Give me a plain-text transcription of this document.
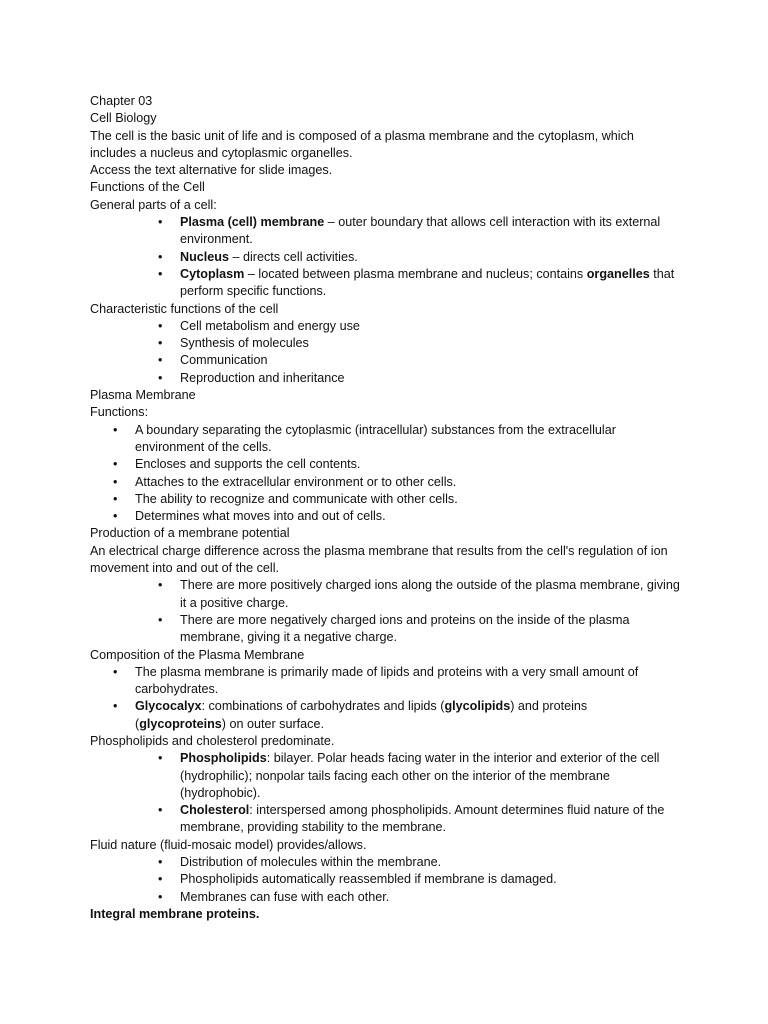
Chapter 03

Cell Biology

The cell is the basic unit of life and is composed of a plasma membrane and the cytoplasm, which includes a nucleus and cytoplasmic organelles.

Access the text alternative for slide images.

Functions of the Cell

General parts of a cell:

• Plasma (cell) membrane – outer boundary that allows cell interaction with its external environment.
• Nucleus – directs cell activities.
• Cytoplasm – located between plasma membrane and nucleus; contains organelles that perform specific functions.

Characteristic functions of the cell

• Cell metabolism and energy use
• Synthesis of molecules
• Communication
• Reproduction and inheritance

Plasma Membrane

Functions:

• A boundary separating the cytoplasmic (intracellular) substances from the extracellular environment of the cells.
• Encloses and supports the cell contents.
• Attaches to the extracellular environment or to other cells.
• The ability to recognize and communicate with other cells.
• Determines what moves into and out of cells.

Production of a membrane potential

An electrical charge difference across the plasma membrane that results from the cell's regulation of ion movement into and out of the cell.

• There are more positively charged ions along the outside of the plasma membrane, giving it a positive charge.
• There are more negatively charged ions and proteins on the inside of the plasma membrane, giving it a negative charge.

Composition of the Plasma Membrane

• The plasma membrane is primarily made of lipids and proteins with a very small amount of carbohydrates.
• Glycocalyx: combinations of carbohydrates and lipids (glycolipids) and proteins (glycoproteins) on outer surface.

Phospholipids and cholesterol predominate.

• Phospholipids: bilayer. Polar heads facing water in the interior and exterior of the cell (hydrophilic); nonpolar tails facing each other on the interior of the membrane (hydrophobic).
• Cholesterol: interspersed among phospholipids. Amount determines fluid nature of the membrane, providing stability to the membrane.

Fluid nature (fluid-mosaic model) provides/allows.

• Distribution of molecules within the membrane.
• Phospholipids automatically reassembled if membrane is damaged.
• Membranes can fuse with each other.

Integral membrane proteins.
